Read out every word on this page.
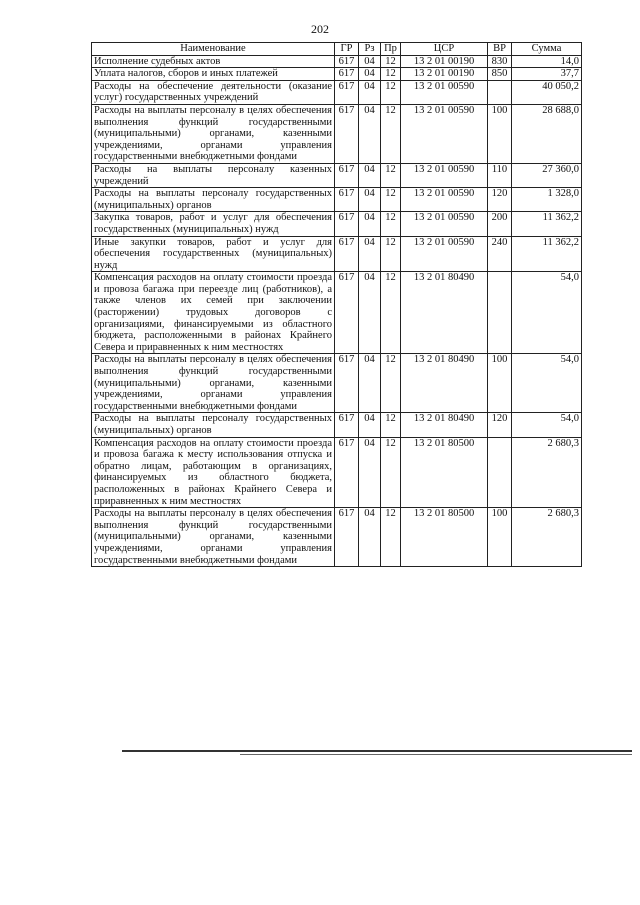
202
Наименование	ГР	Рз	Пр	ЦСР	ВР	Сумма
Исполнение судебных актов	617	04	12	13 2 01 00190	830	14,0
Уплата налогов, сборов и иных платежей	617	04	12	13 2 01 00190	850	37,7
Расходы на обеспечение деятельности (оказание услуг) государственных учреждений	617	04	12	13 2 01 00590		40 050,2
Расходы на выплаты персоналу в целях обеспечения выполнения функций государственными (муниципальными) органами, казенными учреждениями, органами управления государственными внебюджетными фондами	617	04	12	13 2 01 00590	100	28 688,0
Расходы на выплаты персоналу казенных учреждений	617	04	12	13 2 01 00590	110	27 360,0
Расходы на выплаты персоналу государственных (муниципальных) органов	617	04	12	13 2 01 00590	120	1 328,0
Закупка товаров, работ и услуг для обеспечения государственных (муниципальных) нужд	617	04	12	13 2 01 00590	200	11 362,2
Иные закупки товаров, работ и услуг для обеспечения государственных (муниципальных) нужд	617	04	12	13 2 01 00590	240	11 362,2
Компенсация расходов на оплату стоимости проезда и провоза багажа при переезде лиц (работников), а также членов их семей при заключении (расторжении) трудовых договоров с организациями, финансируемыми из областного бюджета, расположенными в районах Крайнего Севера и приравненных к ним местностях	617	04	12	13 2 01 80490		54,0
Расходы на выплаты персоналу в целях обеспечения выполнения функций государственными (муниципальными) органами, казенными учреждениями, органами управления государственными внебюджетными фондами	617	04	12	13 2 01 80490	100	54,0
Расходы на выплаты персоналу государственных (муниципальных) органов	617	04	12	13 2 01 80490	120	54,0
Компенсация расходов на оплату стоимости проезда и провоза багажа к месту использования отпуска и обратно лицам, работающим в организациях, финансируемых из областного бюджета, расположенных в районах Крайнего Севера и приравненных к ним местностях	617	04	12	13 2 01 80500		2 680,3
Расходы на выплаты персоналу в целях обеспечения выполнения функций государственными (муниципальными) органами, казенными учреждениями, органами управления государственными внебюджетными фондами	617	04	12	13 2 01 80500	100	2 680,3
